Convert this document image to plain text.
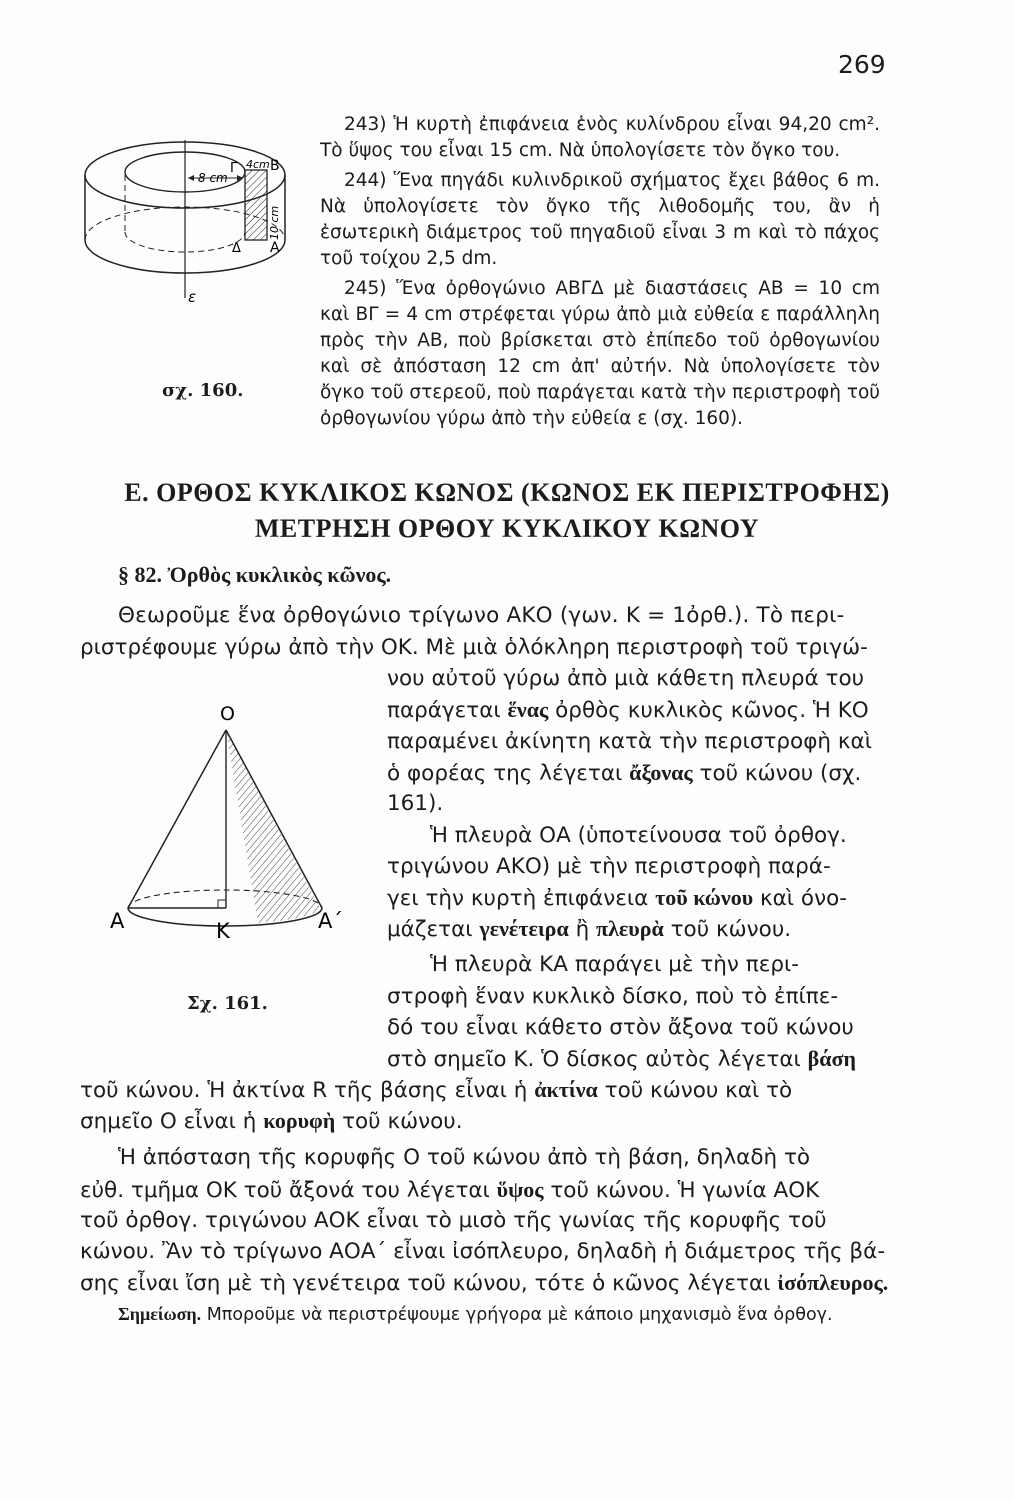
269
8 cm
4cm B
Γ
Δ A
10 cm
ε
σχ. 160.

243) Ἡ κυρτὴ ἐπιφάνεια ἑνὸς κυλίνδρου εἶναι 94,20 cm². Τὸ ὕψος του εἶναι 15 cm. Νὰ ὑπολογίσετε τὸν ὄγκο του.

244) Ἕνα πηγάδι κυλινδρικοῦ σχήματος ἔχει βάθος 6 m. Νὰ ὑπολογίσετε τὸν ὄγκο τῆς λιθοδομῆς του, ἂν ἡ ἐσωτερικὴ διάμετρος τοῦ πηγαδιοῦ εἶναι 3 m καὶ τὸ πάχος τοῦ τοίχου 2,5 dm.

245) Ἕνα ὀρθογώνιο ΑΒΓΔ μὲ διαστάσεις ΑΒ = 10 cm καὶ ΒΓ = 4 cm στρέφεται γύρω ἀπὸ μιὰ εὐθεία ε παράλληλη πρὸς τὴν ΑΒ, ποὺ βρίσκεται στὸ ἐπίπεδο τοῦ ὀρθογωνίου καὶ σὲ ἀπόσταση 12 cm ἀπ' αὐτήν. Νὰ ὑπολογίσετε τὸν ὄγκο τοῦ στερεοῦ, ποὺ παράγεται κατὰ τὴν περιστροφὴ τοῦ ὀρθογωνίου γύρω ἀπὸ τὴν εὐθεία ε (σχ. 160).

Ε. ΟΡΘΟΣ ΚΥΚΛΙΚΟΣ ΚΩΝΟΣ (ΚΩΝΟΣ ΕΚ ΠΕΡΙΣΤΡΟΦΗΣ)
ΜΕΤΡΗΣΗ ΟΡΘΟΥ ΚΥΚΛΙΚΟΥ ΚΩΝΟΥ
§ 82. Ὀρθὸς κυκλικὸς κῶνος.
O
A	K	A΄
Σχ. 161.
Θεωροῦμε ἕνα ὀρθογώνιο τρίγωνο ΑΚΟ (γων. Κ = 1ὀρθ.). Τὸ περι-
ριστρέφουμε γύρω ἀπὸ τὴν ΟΚ. Μὲ μιὰ ὁλόκληρη περιστροφὴ τοῦ τριγώ-
νου αὐτοῦ γύρω ἀπὸ μιὰ κάθετη πλευρά του
παράγεται ἕνας ὀρθὸς κυκλικὸς κῶνος. Ἡ ΚΟ
παραμένει ἀκίνητη κατὰ τὴν περιστροφὴ καὶ
ὁ φορέας της λέγεται ἄξονας τοῦ κώνου (σχ.
161).
Ἡ πλευρὰ ΟΑ (ὑποτείνουσα τοῦ ὀρθογ.
τριγώνου ΑΚΟ) μὲ τὴν περιστροφὴ παρά-
γει τὴν κυρτὴ ἐπιφάνεια τοῦ κώνου καὶ όνο-
μάζεται γενέτειρα ἢ πλευρὰ τοῦ κώνου.
Ἡ πλευρὰ ΚΑ παράγει μὲ τὴν περι-
στροφὴ ἕναν κυκλικὸ δίσκο, ποὺ τὸ ἐπίπε-
δό του εἶναι κάθετο στὸν ἄξονα τοῦ κώνου
στὸ σημεῖο Κ. Ὁ δίσκος αὐτὸς λέγεται βάση
τοῦ κώνου. Ἡ ἀκτίνα R τῆς βάσης εἶναι ἡ ἀκτίνα τοῦ κώνου καὶ τὸ
σημεῖο Ο εἶναι ἡ κορυφὴ τοῦ κώνου.
Ἡ ἀπόσταση τῆς κορυφῆς Ο τοῦ κώνου ἀπὸ τὴ βάση, δηλαδὴ τὸ
εὐθ. τμῆμα ΟΚ τοῦ ἄξονά του λέγεται ὕψος τοῦ κώνου. Ἡ γωνία ΑΟΚ
τοῦ ὀρθογ. τριγώνου ΑΟΚ εἶναι τὸ μισὸ τῆς γωνίας τῆς κορυφῆς τοῦ
κώνου. Ἂν τὸ τρίγωνο ΑΟΑ΄ εἶναι ἰσόπλευρο, δηλαδὴ ἡ διάμετρος τῆς βά-
σης εἶναι ἴση μὲ τὴ γενέτειρα τοῦ κώνου, τότε ὁ κῶνος λέγεται ἰσόπλευρος.
Σημείωση. Μποροῦμε νὰ περιστρέψουμε γρήγορα μὲ κάποιο μηχανισμὸ ἕνα ὀρθογ.
